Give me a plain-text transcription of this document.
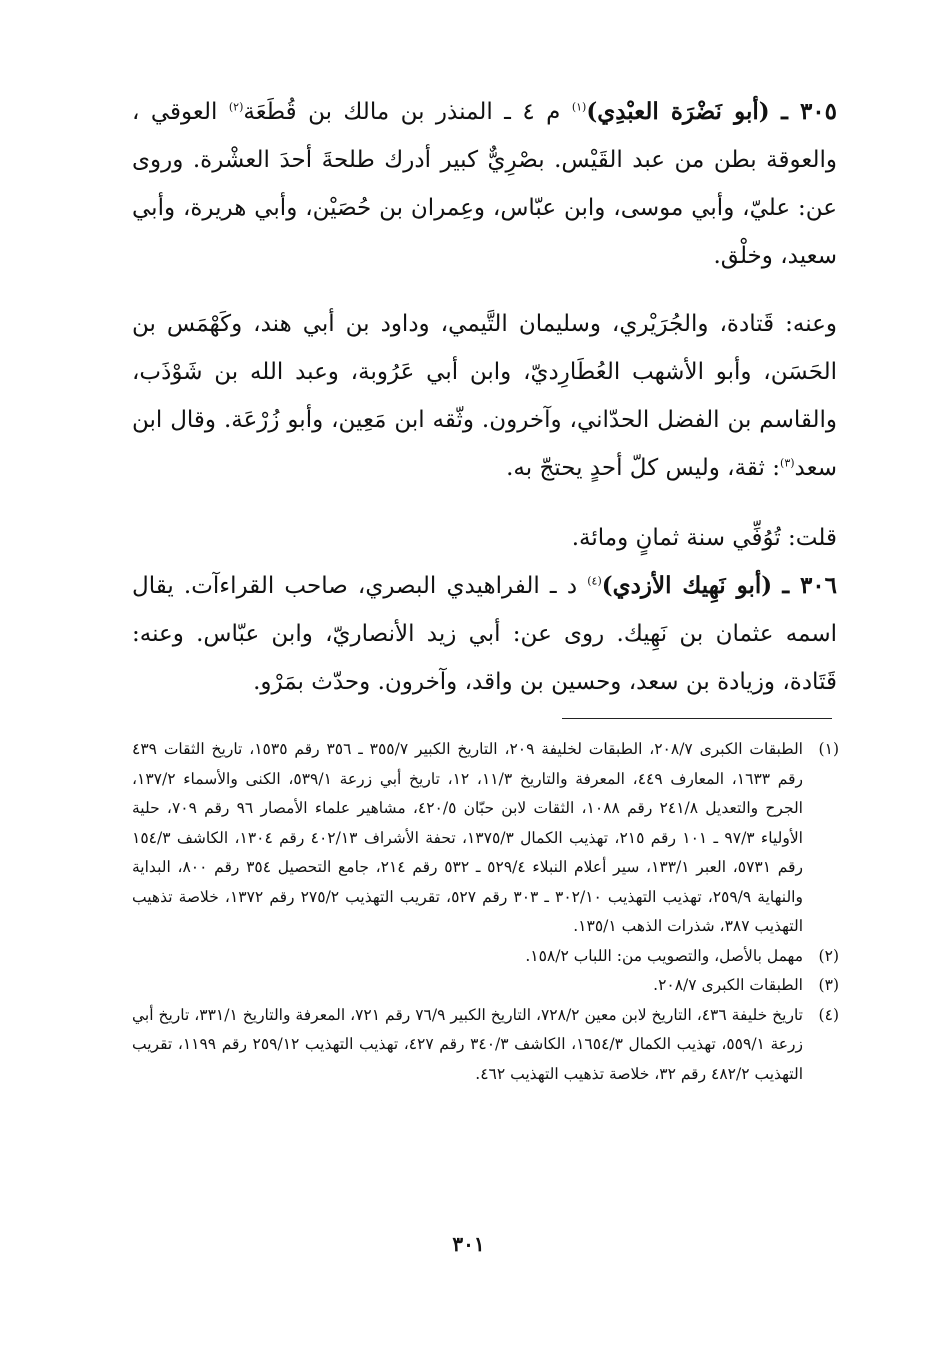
٣٠٥ ـ (أبو نَضْرَة العبْدِي)$^{(١)}$ م ٤ ـ المنذر بن مالك بن قُطَعَة$^{(٢)}$ العوقي ، والعوقة بطن من عبد القَيْس. بصْرِيٌّ كبير أدرك طلحةَ أحدَ العشْرة. وروى عن: عليّ، وأبي موسى، وابن عبّاس، وعِمران بن حُصَيْن، وأبي هريرة، وأبي سعيد، وخلْق.

وعنه: قَتادة، والجُرَيْري، وسليمان التَّيمي، وداود بن أبي هند، وكَهْمَس بن الحَسَن، وأبو الأشهب العُطَارِديّ، وابن أبي عَرُوبة، وعبد الله بن شَوْذَب، والقاسم بن الفضل الحدّاني، وآخرون. وثّقه ابن مَعِين، وأبو زُرْعَة. وقال ابن سعد$^{(٣)}$: ثقة، وليس كلّ أحدٍ يحتجّ به.

قلت: تُوُفِّي سنة ثمانٍ ومائة.

٣٠٦ ـ (أبو نَهِيك الأزدي)$^{(٤)}$ د ـ الفراهيدي البصري، صاحب القراءآت. يقال اسمه عثمان بن نَهِيك. روى عن: أبي زيد الأنصاريّ، وابن عبّاس. وعنه: قَتَادة، وزيادة بن سعد، وحسين بن واقد، وآخرون. وحدّث بمَرْو.

(١)
الطبقات الكبرى ٢٠٨/٧، الطبقات لخليفة ٢٠٩، التاريخ الكبير ٣٥٥/٧ ـ ٣٥٦ رقم ١٥٣٥، تاريخ الثقات ٤٣٩ رقم ١٦٣٣، المعارف ٤٤٩، المعرفة والتاريخ ١١/٣، ١٢، تاريخ أبي زرعة ٥٣٩/١، الكنى والأسماء ١٣٧/٢، الجرح والتعديل ٢٤١/٨ رقم ١٠٨٨، الثقات لابن حبّان ٤٢٠/٥، مشاهير علماء الأمصار ٩٦ رقم ٧٠٩، حلية الأولياء ٩٧/٣ ـ ١٠١ رقم ٢١٥، تهذيب الكمال ١٣٧٥/٣، تحفة الأشراف ٤٠٢/١٣ رقم ١٣٠٤، الكاشف ١٥٤/٣ رقم ٥٧٣١، العبر ١٣٣/١، سير أعلام النبلاء ٥٢٩/٤ ـ ٥٣٢ رقم ٢١٤، جامع التحصيل ٣٥٤ رقم ٨٠٠، البداية والنهاية ٢٥٩/٩، تهذيب التهذيب ٣٠٢/١٠ ـ ٣٠٣ رقم ٥٢٧، تقريب التهذيب ٢٧٥/٢ رقم ١٣٧٢، خلاصة تذهيب التهذيب ٣٨٧، شذرات الذهب ١٣٥/١.
(٢)
مهمل بالأصل، والتصويب من: اللباب ١٥٨/٢.
(٣)
الطبقات الكبرى ٢٠٨/٧.
(٤)
تاريخ خليفة ٤٣٦، التاريخ لابن معين ٧٢٨/٢، التاريخ الكبير ٧٦/٩ رقم ٧٢١، المعرفة والتاريخ ٣٣١/١، تاريخ أبي زرعة ٥٥٩/١، تهذيب الكمال ١٦٥٤/٣، الكاشف ٣٤٠/٣ رقم ٤٢٧، تهذيب التهذيب ٢٥٩/١٢ رقم ١١٩٩، تقريب التهذيب ٤٨٢/٢ رقم ٣٢، خلاصة تذهيب التهذيب ٤٦٢.
٣٠١
